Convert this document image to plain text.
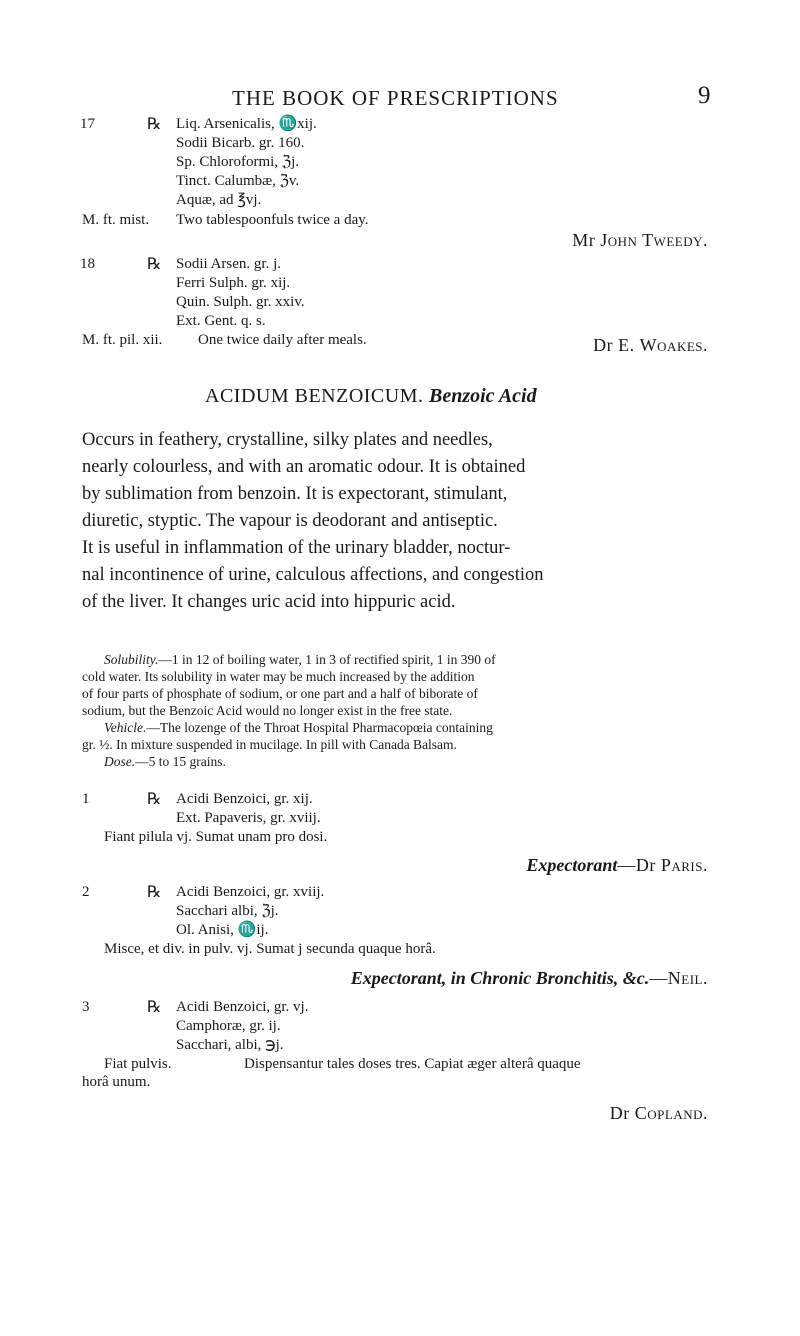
THE BOOK OF PRESCRIPTIONS	9
17	℞ Liq. Arsenicalis, ♏xij.
Sodii Bicarb. gr. 160.
Sp. Chloroformi, ℨj.
Tinct. Calumbæ, ℨv.
Aquæ, ad ℥vj.
M. ft. mist. Two tablespoonfuls twice a day.
Mr John Tweedy.
18	℞ Sodii Arsen. gr. j.
Ferri Sulph. gr. xij.
Quin. Sulph. gr. xxiv.
Ext. Gent. q. s.
M. ft. pil. xii. One twice daily after meals.	Dr E. Woakes.
ACIDUM BENZOICUM. Benzoic Acid
Occurs in feathery, crystalline, silky plates and needles,
nearly colourless, and with an aromatic odour. It is obtained
by sublimation from benzoin. It is expectorant, stimulant,
diuretic, styptic. The vapour is deodorant and antiseptic.
It is useful in inflammation of the urinary bladder, noctur-
nal incontinence of urine, calculous affections, and congestion
of the liver. It changes uric acid into hippuric acid.
Solubility.—1 in 12 of boiling water, 1 in 3 of rectified spirit, 1 in 390 of
cold water. Its solubility in water may be much increased by the addition
of four parts of phosphate of sodium, or one part and a half of biborate of
sodium, but the Benzoic Acid would no longer exist in the free state.
Vehicle.—The lozenge of the Throat Hospital Pharmacopœia containing
gr. ½. In mixture suspended in mucilage. In pill with Canada Balsam.
Dose.—5 to 15 grains.
1	℞ Acidi Benzoici, gr. xij.
Ext. Papaveris, gr. xviij.
Fiant pilula vj. Sumat unam pro dosi.
Expectorant—Dr Paris.
2	℞ Acidi Benzoici, gr. xviij.
Sacchari albi, ℨj.
Ol. Anisi, ♏ij.
Misce, et div. in pulv. vj. Sumat j secunda quaque horâ.
Expectorant, in Chronic Bronchitis, &c.—Neil.
3	℞ Acidi Benzoici, gr. vj.
Camphoræ, gr. ij.
Sacchari, albi, ℈j.
Fiat pulvis.	Dispensantur tales doses tres. Capiat æger alterâ quaque
horâ unum.
Dr Copland.
